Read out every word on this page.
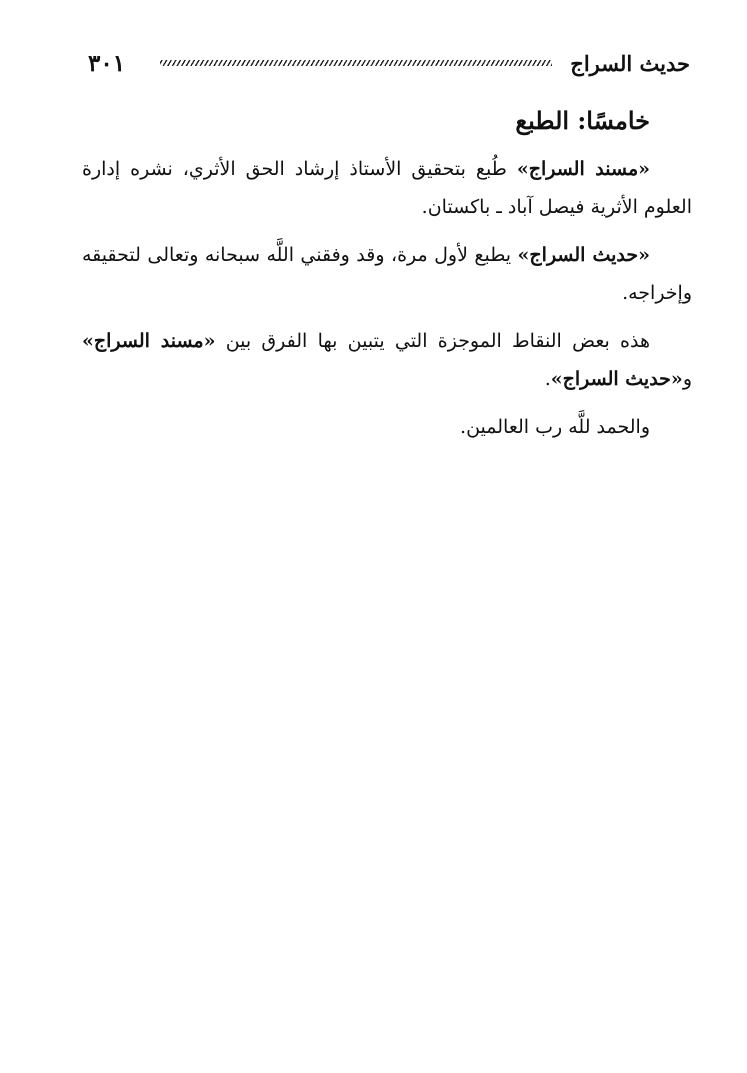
٣٠١	حديث السراج
خامسًا: الطبع

«مسند السراج» طُبع بتحقيق الأستاذ إرشاد الحق الأثري، نشره إدارة العلوم الأثرية فيصل آباد ـ باكستان.

«حديث السراج» يطبع لأول مرة، وقد وفقني اللَّه سبحانه وتعالى لتحقيقه وإخراجه.

هذه بعض النقاط الموجزة التي يتبين بها الفرق بين «مسند السراج» و«حديث السراج».

والحمد للَّه رب العالمين.
